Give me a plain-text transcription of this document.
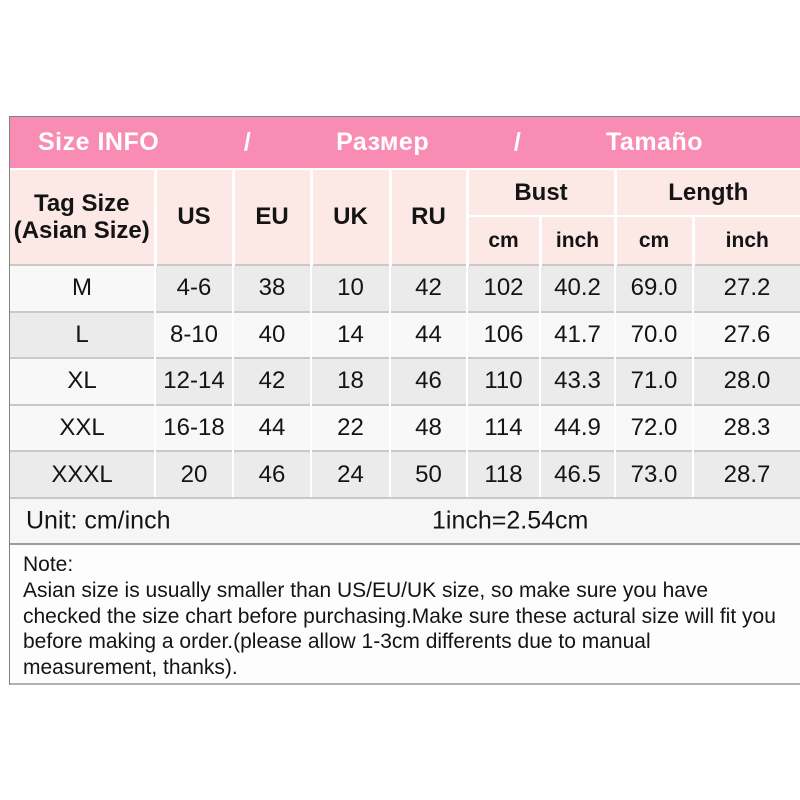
Size INFO	/	Размер	/	Tamaño
Tag Size
(Asian Size)	US	EU	UK	RU	Bust		Length	
					cm	inch	cm	inch
M	4-6	38	10	42	102	40.2	69.0	27.2
L	8-10	40	14	44	106	41.7	70.0	27.6
XL	12-14	42	18	46	110	43.3	71.0	28.0
XXL	16-18	44	22	48	114	44.9	72.0	28.3
XXXL	20	46	24	50	118	46.5	73.0	28.7
Unit: cm/inch	1inch=2.54cm

Note:

Asian size is usually smaller than US/EU/UK size, so make sure you have checked the size chart before purchasing.Make sure these actural size will fit you before making a order.(please allow 1-3cm differents due to manual measurement, thanks).
